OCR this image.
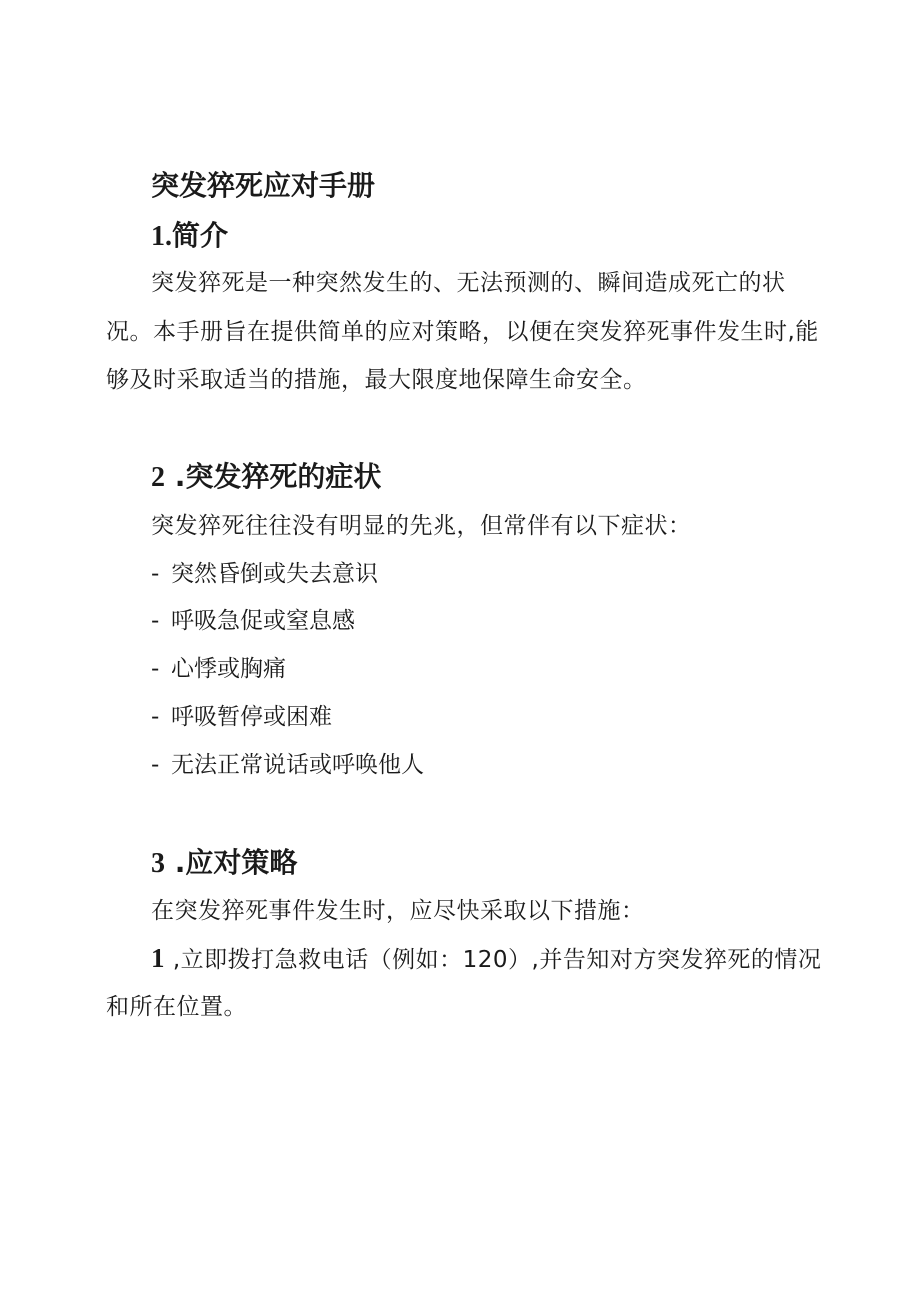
突发猝死应对手册
1.简介

突发猝死是一种突然发生的、无法预测的、瞬间造成死亡的状

况。本手册旨在提供简单的应对策略，以便在突发猝死事件发生时,能

够及时采取适当的措施，最大限度地保障生命安全。

2 .突发猝死的症状

突发猝死往往没有明显的先兆，但常伴有以下症状：

- 突然昏倒或失去意识
- 呼吸急促或窒息感
- 心悸或胸痛
- 呼吸暂停或困难
- 无法正常说话或呼唤他人
3 .应对策略

在突发猝死事件发生时，应尽快采取以下措施：

1 ,立即拨打急救电话（例如：120）,并告知对方突发猝死的情况

和所在位置。
